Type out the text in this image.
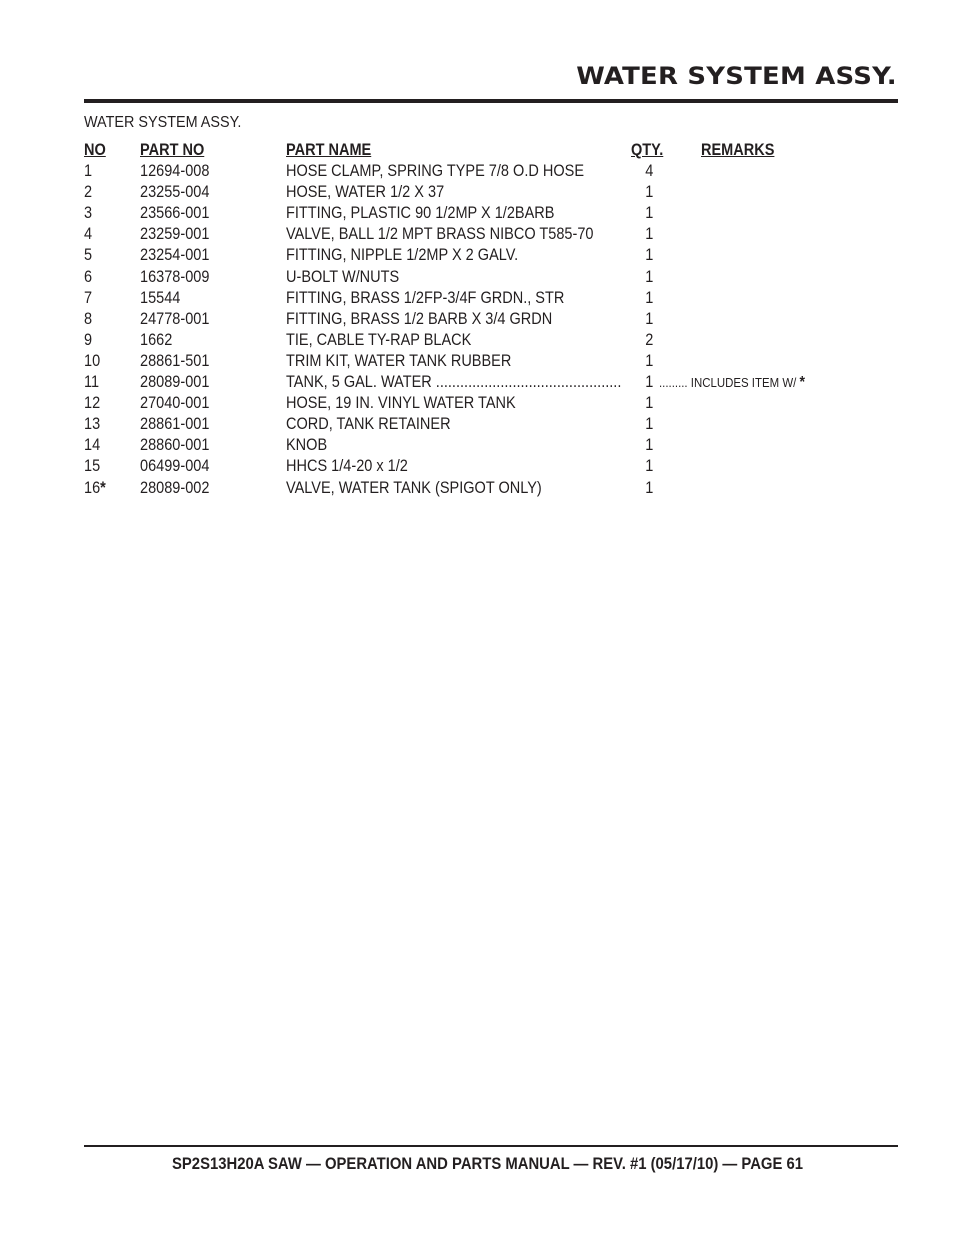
WATER SYSTEM ASSY.
WATER SYSTEM ASSY.
NO PART NO	PART NAME	QTY. REMARKS
1	12694-008	HOSE CLAMP, SPRING TYPE 7/8 O.D HOSE	4
2	23255-004	HOSE, WATER 1/2 X 37	1
3	23566-001	FITTING, PLASTIC 90 1/2MP X 1/2BARB	1
4	23259-001	VALVE, BALL 1/2 MPT BRASS NIBCO T585-70	1
5	23254-001	FITTING, NIPPLE 1/2MP X 2 GALV.	1
6	16378-009	U-BOLT W/NUTS	1
7	15544	FITTING, BRASS 1/2FP-3/4F GRDN., STR	1
8	24778-001	FITTING, BRASS 1/2 BARB X 3/4 GRDN	1
9	1662	TIE, CABLE TY-RAP BLACK	2
10 28861-501	TRIM KIT, WATER TANK RUBBER	1
11 28089-001	TANK, 5 GAL. WATER .............................................. 1 ......... INCLUDES ITEM W/ *
12 27040-001	HOSE, 19 IN. VINYL WATER TANK	1
13 28861-001	CORD, TANK RETAINER	1
14 28860-001	KNOB	1
15 06499-004	HHCS 1/4-20 x 1/2	1
16* 28089-002	VALVE, WATER TANK (SPIGOT ONLY)	1
SP2S13H20A SAW — OPERATION AND PARTS MANUAL — REV. #1 (05/17/10) — PAGE 61
